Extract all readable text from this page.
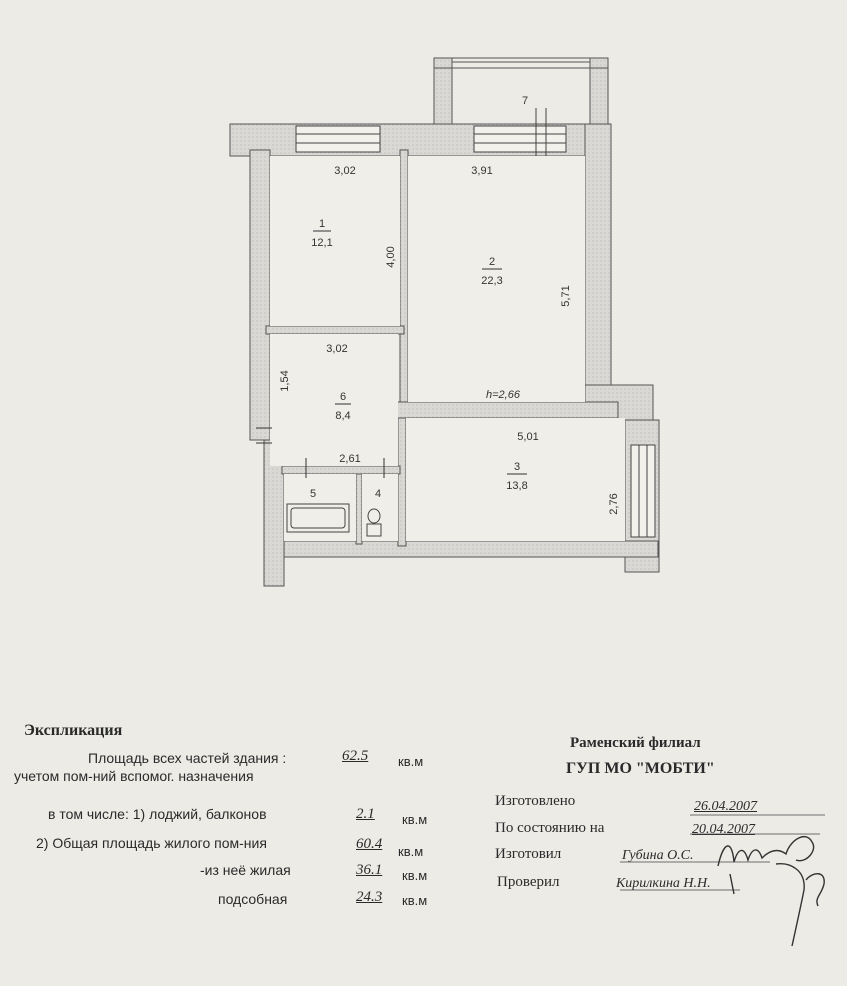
1
12,1
2
22,3
3
13,8
4
5
6
8,4
7
3,02
4,00
3,91
5,71
3,02
1,54
2,61
5,01
2,76
h=2,66
Экспликация
Площадь всех частей здания :	62.5 кв.м
учетом пом-ний вспомог. назначения
в том числе: 1) лоджий, балконов	2.1 кв.м
2) Общая площадь жилого пом-ния	60.4 кв.м
-из неё жилая	36.1 кв.м
подсобная	24.3 кв.м
Раменский филиал
ГУП МО "МОБТИ"
Изготовлено	26.04.2007
По состоянию на	20.04.2007
Изготовил	Губина О.С.
Проверил	Кирилкина Н.Н.
